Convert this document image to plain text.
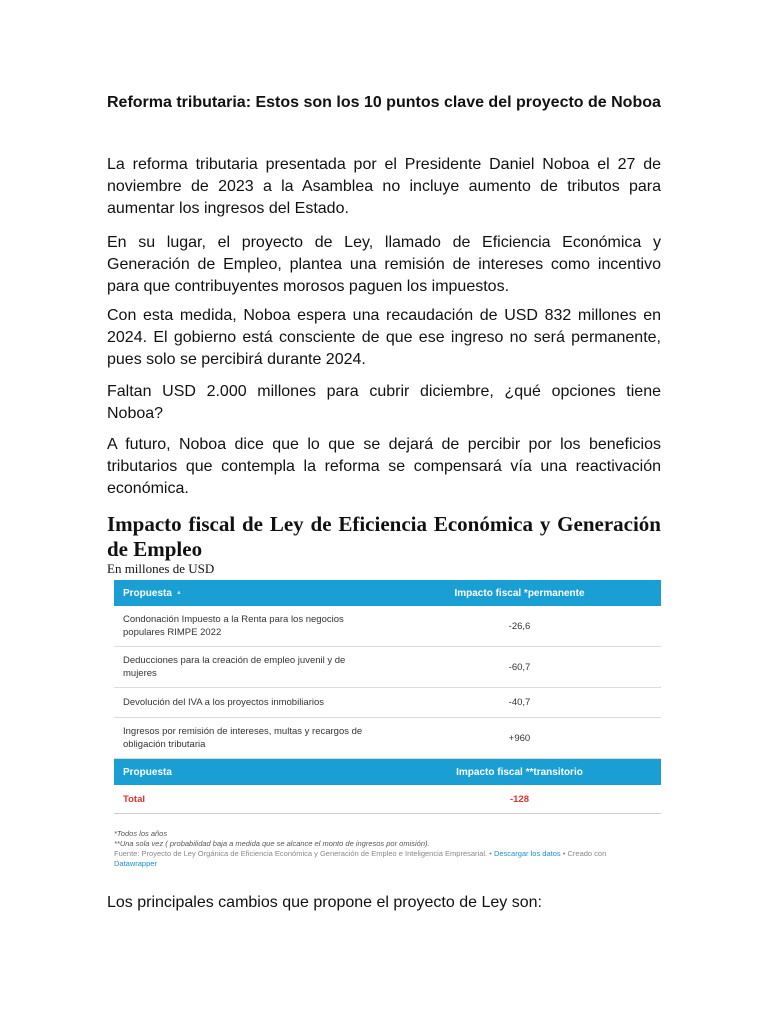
Reforma tributaria: Estos son los 10 puntos clave del proyecto de Noboa

La reforma tributaria presentada por el Presidente Daniel Noboa el 27 de noviembre de 2023 a la Asamblea no incluye aumento de tributos para aumentar los ingresos del Estado.

En su lugar, el proyecto de Ley, llamado de Eficiencia Económica y Generación de Empleo, plantea una remisión de intereses como incentivo para que contribuyentes morosos paguen los impuestos.

Con esta medida, Noboa espera una recaudación de USD 832 millones en 2024. El gobierno está consciente de que ese ingreso no será permanente, pues solo se percibirá durante 2024.

Faltan USD 2.000 millones para cubrir diciembre, ¿qué opciones tiene Noboa?

A futuro, Noboa dice que lo que se dejará de percibir por los beneficios tributarios que contempla la reforma se compensará vía una reactivación económica.

Impacto fiscal de Ley de Eficiencia Económica y Generación de Empleo
En millones de USD
Propuesta ▲	Impacto fiscal *permanente
Condonación Impuesto a la Renta para los negocios populares RIMPE 2022	-26,6
Deducciones para la creación de empleo juvenil y de mujeres	-60,7
Devolución del IVA a los proyectos inmobiliarios	-40,7
Ingresos por remisión de intereses, multas y recargos de obligación tributaria	+960
Propuesta	Impacto fiscal **transitorio
Total	-128
*Todos los años
**Una sola vez ( probabilidad baja a medida que se alcance el monto de ingresos por omisión).
Fuente: Proyecto de Ley Orgánica de Eficiencia Económica y Generación de Empleo e Inteligencia Empresarial. • Descargar los datos • Creado con
Datawrapper

Los principales cambios que propone el proyecto de Ley son:
